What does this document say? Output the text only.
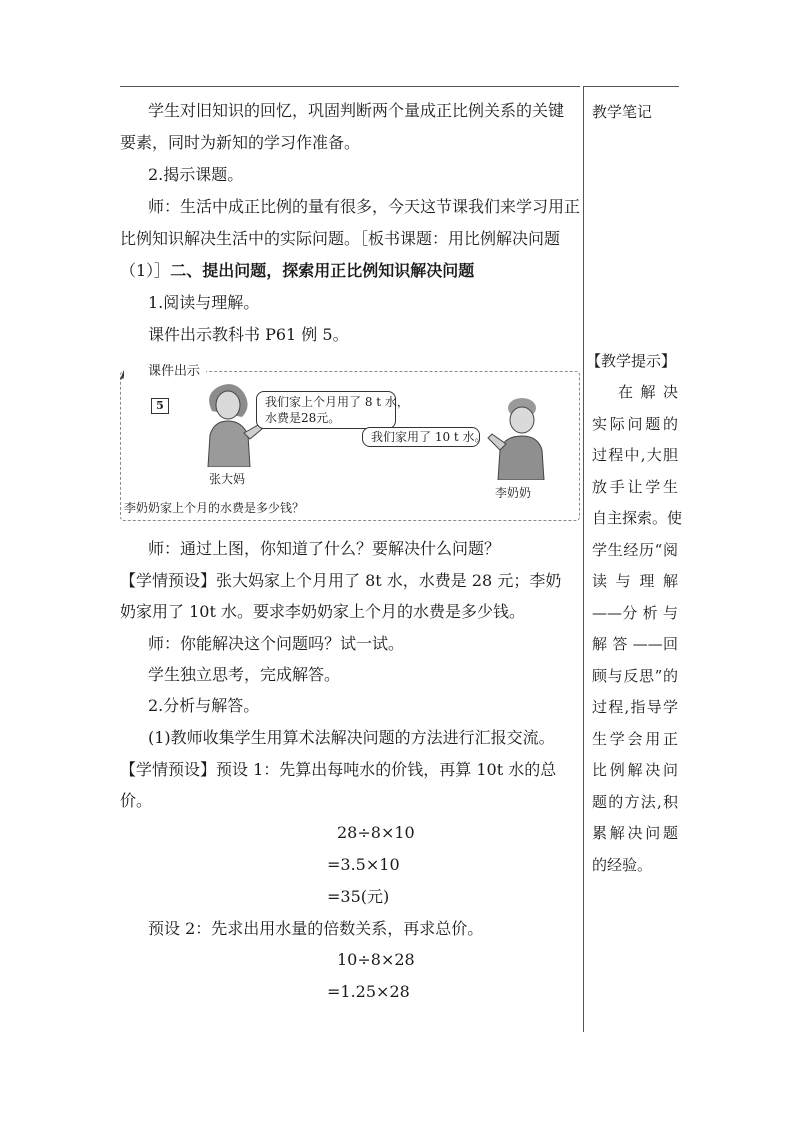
学生对旧知识的回忆，巩固判断两个量成正比例关系的关键
要素，同时为新知的学习作准备。
2.揭示课题。
师：生活中成正比例的量有很多，今天这节课我们来学习用正
比例知识解决生活中的实际问题。［板书课题：用比例解决问题
（1）］二、提出问题，探索用正比例知识解决问题
1.阅读与理解。
课件出示教科书 P61 例 5。
师：通过上图，你知道了什么？要解决什么问题？
【学情预设】张大妈家上个月用了 8t 水，水费是 28 元；李奶
奶家用了 10t 水。要求李奶奶家上个月的水费是多少钱。
师：你能解决这个问题吗？试一试。
学生独立思考，完成解答。
2.分析与解答。
(1)教师收集学生用算术法解决问题的方法进行汇报交流。
【学情预设】预设 1：先算出每吨水的价钱，再算 10t 水的总
价。
28÷8×10
=3.5×10
=35(元)
预设 2：先求出用水量的倍数关系，再求总价。
10÷8×28
=1.25×28
课件出示
5
张大妈
我们家上个月用了 8 t 水，
水费是28元。
我们家用了 10 t 水。
李奶奶
李奶奶家上个月的水费是多少钱？
教学笔记
【教学提示】
在 解 决
实际问题的
过程中,大胆
放手让学生
自主探索。使
学生经历“阅
读 与 理 解
——分 析 与
解 答 ——回
顾与反思”的
过程,指导学
生学会用正
比例解决问
题的方法,积
累解决问题
的经验。
